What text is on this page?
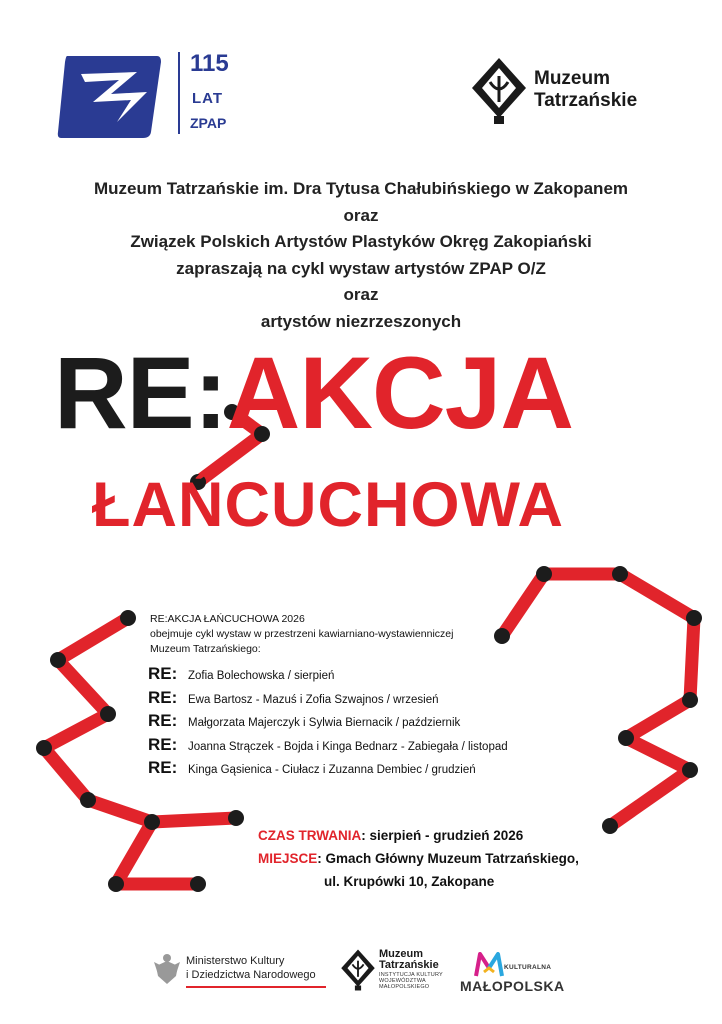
115
LAT
ZPAP
Muzeum
Tatrzańskie
Muzeum Tatrzańskie im. Dra Tytusa Chałubińskiego w Zakopanem
oraz
Związek Polskich Artystów Plastyków Okręg Zakopiański
zapraszają na cykl wystaw artystów ZPAP O/Z
oraz
artystów niezrzeszonych
RE:AKCJA
ŁAŃCUCHOWA
RE:AKCJA ŁAŃCUCHOWA 2026
obejmuje cykl wystaw w przestrzeni kawiarniano-wystawienniczej
Muzeum Tatrzańskiego:
RE: Zofia Bolechowska / sierpień
RE: Ewa Bartosz - Mazuś i Zofia Szwajnos / wrzesień
RE: Małgorzata Majerczyk i Sylwia Biernacik / październik
RE: Joanna Strączek - Bojda i Kinga Bednarz - Zabiegała / listopad
RE: Kinga Gąsienica - Ciułacz i Zuzanna Dembiec / grudzień
CZAS TRWANIA: sierpień - grudzień 2026
MIEJSCE: Gmach Główny Muzeum Tatrzańskiego,
ul. Krupówki 10, Zakopane
Ministerstwo Kultury
i Dziedzictwa Narodowego
Muzeum
Tatrzańskie
INSTYTUCJA KULTURY
WOJEWÓDZTWA
MAŁOPOLSKIEGO
KULTURALNA
MAŁOPOLSKA
